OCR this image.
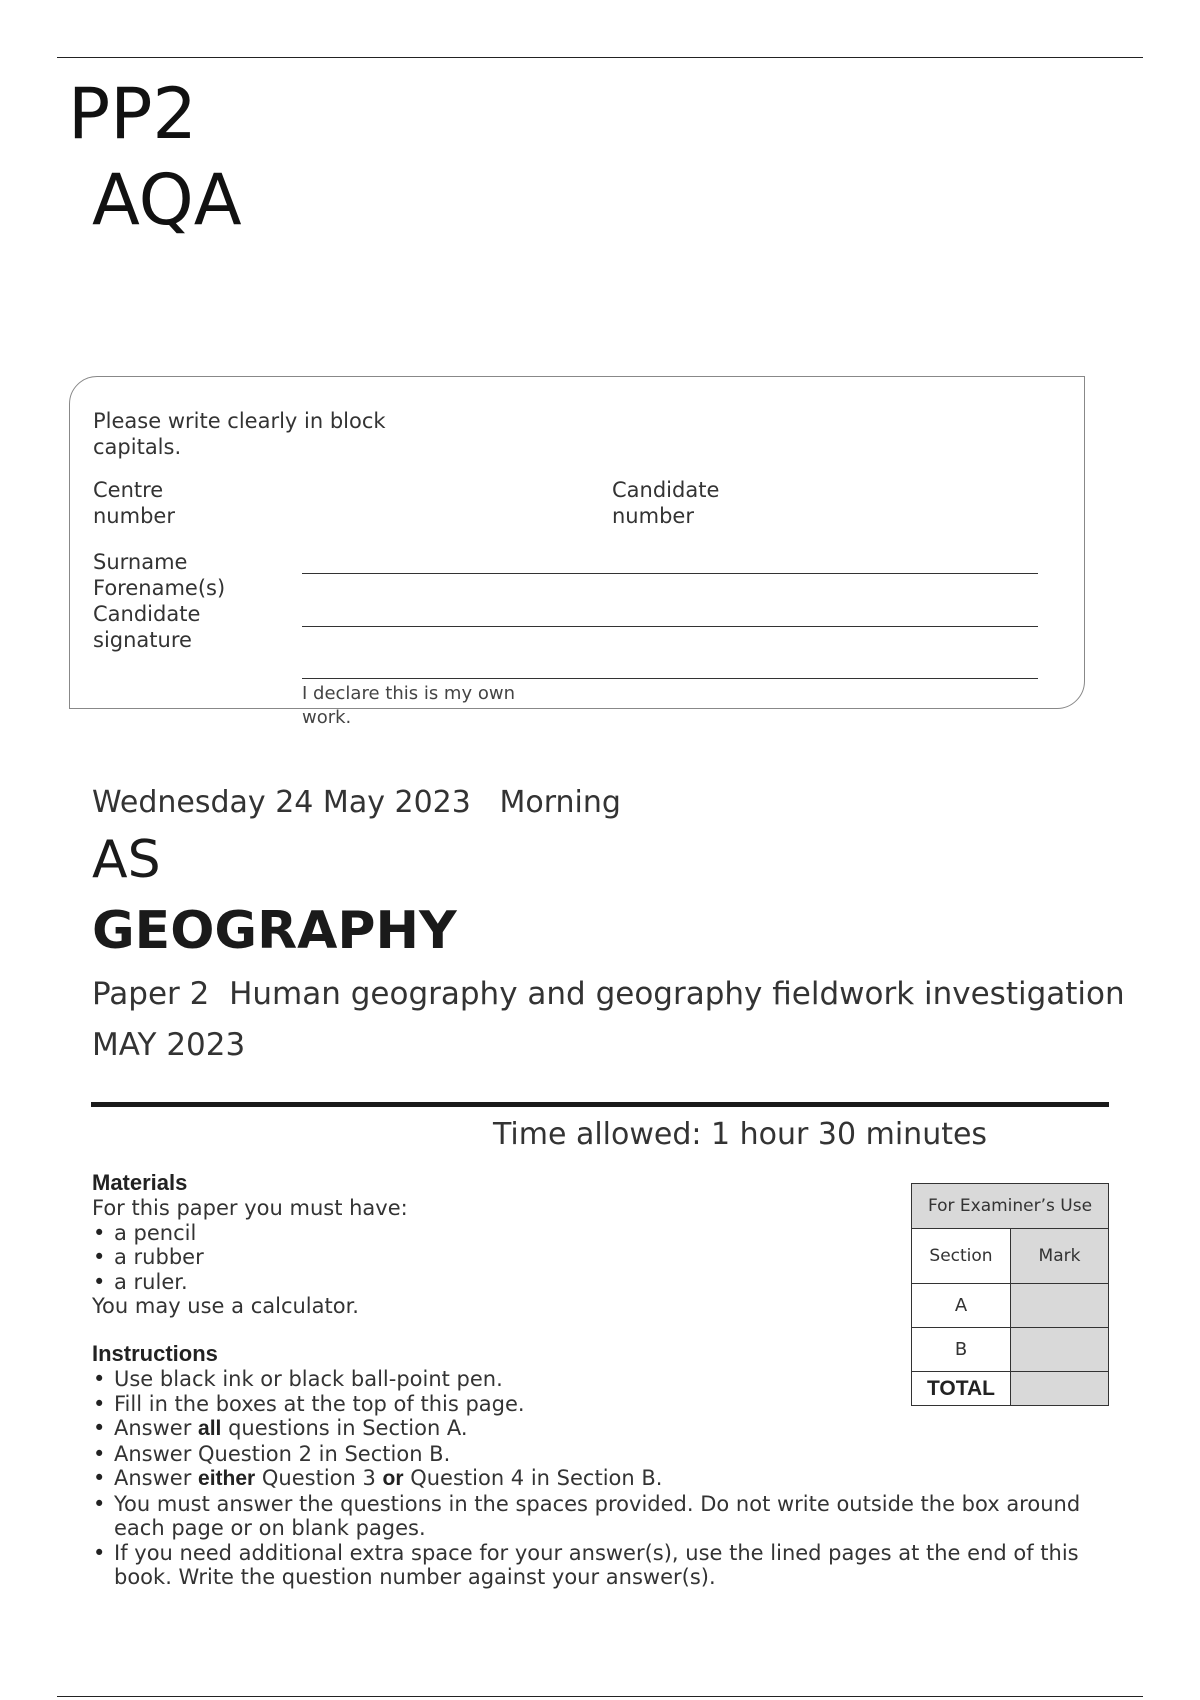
PP2
AQA
Please write clearly in block capitals.
Centre number
Candidate number
Surname
Forename(s)
Candidate signature
I declare this is my own work.
Wednesday 24 May 2023 Morning
AS
GEOGRAPHY
Paper 2 Human geography and geography fieldwork investigation
MAY 2023
Time allowed: 1 hour 30 minutes
Materials
For this paper you must have:
• a pencil
• a rubber
• a ruler.
You may use a calculator.
Instructions
• Use black ink or black ball-point pen.
• Fill in the boxes at the top of this page.
• Answer all questions in Section A.
• Answer Question 2 in Section B.
• Answer either Question 3 or Question 4 in Section B.
• You must answer the questions in the spaces provided. Do not write outside the box around each page or on blank pages.
• If you need additional extra space for your answer(s), use the lined pages at the end of this book. Write the question number against your answer(s).
For Examiner’s Use	
Section	Mark
A	
B	
TOTAL	
